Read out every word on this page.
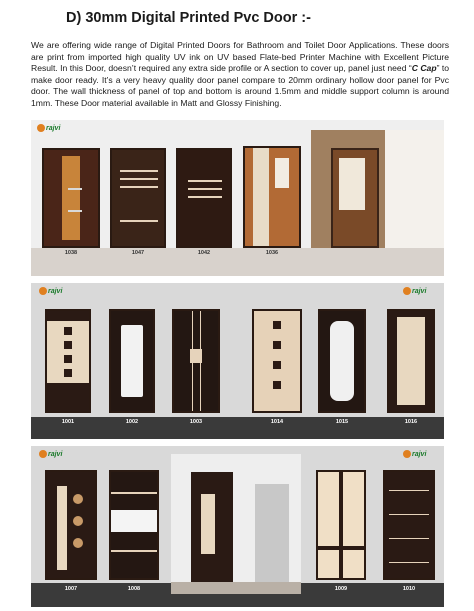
D) 30mm Digital Printed Pvc Door :-

We are offering wide range of Digital Printed Doors for Bathroom and Toilet Door Applications. These doors are print from imported high quality UV ink on UV based Flate-bed Printer Machine with Excellent Picture Result. In this Door, doesn’t required any extra side profile or A section to cover up, panel just need “C Cap” to make door ready. It’s a very heavy quality door panel compare to 20mm ordinary hollow door panel for Pvc door. The wall thickness of panel of top and bottom is around 1.5mm and middle support column is around 1mm. These Door material available in Matt and Glossy Finishing.

rajvi
1038	1047	1042	1036
rajvi	rajvi
1001	1002	1003	1014	1015	1016
rajvi	rajvi
1007	1008	1009	1010
